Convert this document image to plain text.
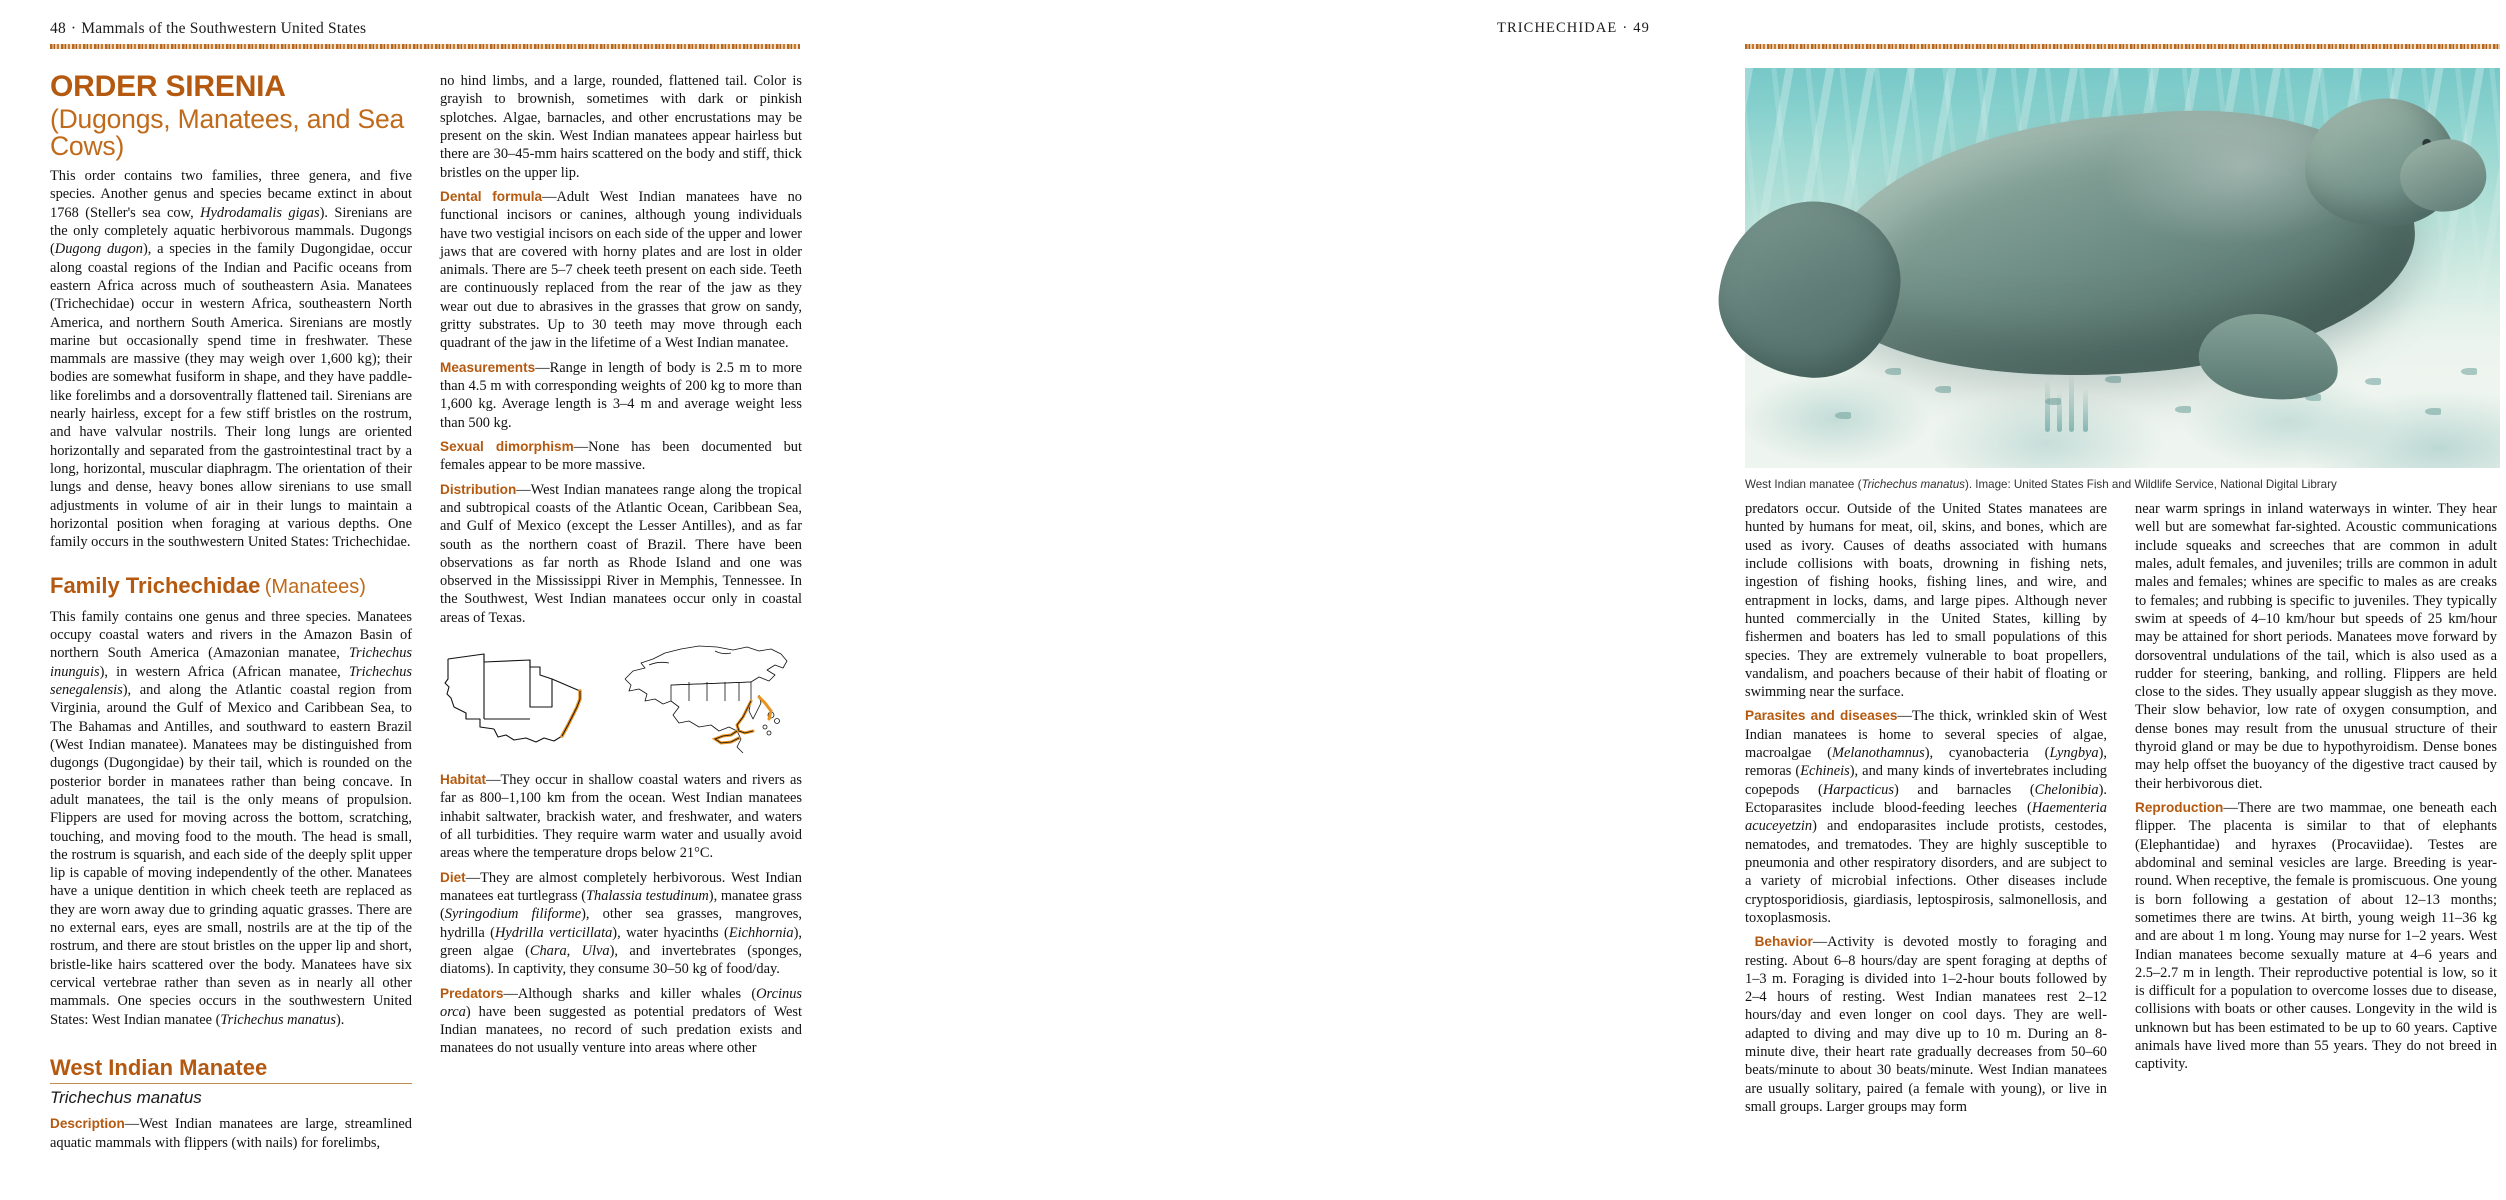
48 · Mammals of the Southwestern United States
ORDER SIRENIA
(Dugongs, Manatees, and Sea Cows)

This order contains two families, three genera, and five species. Another genus and species became extinct in about 1768 (Steller's sea cow, Hydrodamalis gigas). Sirenians are the only completely aquatic herbivorous mammals. Dugongs (Dugong dugon), a species in the family Dugongidae, occur along coastal regions of the Indian and Pacific oceans from eastern Africa across much of southeastern Asia. Manatees (Trichechidae) occur in western Africa, southeastern North America, and northern South America. Sirenians are mostly marine but occasionally spend time in freshwater. These mammals are massive (they may weigh over 1,600 kg); their bodies are somewhat fusiform in shape, and they have paddle-like forelimbs and a dorsoventrally flattened tail. Sirenians are nearly hairless, except for a few stiff bristles on the rostrum, and have valvular nostrils. Their long lungs are oriented horizontally and separated from the gastrointestinal tract by a long, horizontal, muscular diaphragm. The orientation of their lungs and dense, heavy bones allow sirenians to use small adjustments in volume of air in their lungs to maintain a horizontal position when foraging at various depths. One family occurs in the southwestern United States: Trichechidae.

Family Trichechidae (Manatees)

This family contains one genus and three species. Manatees occupy coastal waters and rivers in the Amazon Basin of northern South America (Amazonian manatee, Trichechus inunguis), in western Africa (African manatee, Trichechus senegalensis), and along the Atlantic coastal region from Virginia, around the Gulf of Mexico and Caribbean Sea, to The Bahamas and Antilles, and southward to eastern Brazil (West Indian manatee). Manatees may be distinguished from dugongs (Dugongidae) by their tail, which is rounded on the posterior border in manatees rather than being concave. In adult manatees, the tail is the only means of propulsion. Flippers are used for moving across the bottom, scratching, touching, and moving food to the mouth. The head is small, the rostrum is squarish, and each side of the deeply split upper lip is capable of moving independently of the other. Manatees have a unique dentition in which cheek teeth are replaced as they are worn away due to grinding aquatic grasses. There are no external ears, eyes are small, nostrils are at the tip of the rostrum, and there are stout bristles on the upper lip and short, bristle-like hairs scattered over the body. Manatees have six cervical vertebrae rather than seven as in nearly all other mammals. One species occurs in the southwestern United States: West Indian manatee (Trichechus manatus).

West Indian Manatee
Trichechus manatus

Description—West Indian manatees are large, streamlined aquatic mammals with flippers (with nails) for forelimbs,

no hind limbs, and a large, rounded, flattened tail. Color is grayish to brownish, sometimes with dark or pinkish splotches. Algae, barnacles, and other encrustations may be present on the skin. West Indian manatees appear hairless but there are 30–45-mm hairs scattered on the body and stiff, thick bristles on the upper lip.

Dental formula—Adult West Indian manatees have no functional incisors or canines, although young individuals have two vestigial incisors on each side of the upper and lower jaws that are covered with horny plates and are lost in older animals. There are 5–7 cheek teeth present on each side. Teeth are continuously replaced from the rear of the jaw as they wear out due to abrasives in the grasses that grow on sandy, gritty substrates. Up to 30 teeth may move through each quadrant of the jaw in the lifetime of a West Indian manatee.

Measurements—Range in length of body is 2.5 m to more than 4.5 m with corresponding weights of 200 kg to more than 1,600 kg. Average length is 3–4 m and average weight less than 500 kg.

Sexual dimorphism—None has been documented but females appear to be more massive.

Distribution—West Indian manatees range along the tropical and subtropical coasts of the Atlantic Ocean, Caribbean Sea, and Gulf of Mexico (except the Lesser Antilles), and as far south as the northern coast of Brazil. There have been observations as far north as Rhode Island and one was observed in the Mississippi River in Memphis, Tennessee. In the Southwest, West Indian manatees occur only in coastal areas of Texas.

Habitat—They occur in shallow coastal waters and rivers as far as 800–1,100 km from the ocean. West Indian manatees inhabit saltwater, brackish water, and freshwater, and waters of all turbidities. They require warm water and usually avoid areas where the temperature drops below 21°C.

Diet—They are almost completely herbivorous. West Indian manatees eat turtlegrass (Thalassia testudinum), manatee grass (Syringodium filiforme), other sea grasses, mangroves, hydrilla (Hydrilla verticillata), water hyacinths (Eichhornia), green algae (Chara, Ulva), and invertebrates (sponges, diatoms). In captivity, they consume 30–50 kg of food/day.

Predators—Although sharks and killer whales (Orcinus orca) have been suggested as potential predators of West Indian manatees, no record of such predation exists and manatees do not usually venture into areas where other

TRICHECHIDAE · 49
West Indian manatee (Trichechus manatus). Image: United States Fish and Wildlife Service, National Digital Library

predators occur. Outside of the United States manatees are hunted by humans for meat, oil, skins, and bones, which are used as ivory. Causes of deaths associated with humans include collisions with boats, drowning in fishing nets, ingestion of fishing hooks, fishing lines, and wire, and entrapment in locks, dams, and large pipes. Although never hunted commercially in the United States, killing by fishermen and boaters has led to small populations of this species. They are extremely vulnerable to boat propellers, vandalism, and poachers because of their habit of floating or swimming near the surface.

Parasites and diseases—The thick, wrinkled skin of West Indian manatees is home to several species of algae, macroalgae (Melanothamnus), cyanobacteria (Lyngbya), remoras (Echineis), and many kinds of invertebrates including copepods (Harpacticus) and barnacles (Chelonibia). Ectoparasites include blood-feeding leeches (Haementeria acuceyetzin) and endoparasites include protists, cestodes, nematodes, and trematodes. They are highly susceptible to pneumonia and other respiratory disorders, and are subject to a variety of microbial infections. Other diseases include cryptosporidiosis, giardiasis, leptospirosis, salmonellosis, and toxoplasmosis.

Behavior—Activity is devoted mostly to foraging and resting. About 6–8 hours/day are spent foraging at depths of 1–3 m. Foraging is divided into 1–2-hour bouts followed by 2–4 hours of resting. West Indian manatees rest 2–12 hours/day and even longer on cool days. They are well-adapted to diving and may dive up to 10 m. During an 8-minute dive, their heart rate gradually decreases from 50–60 beats/minute to about 30 beats/minute. West Indian manatees are usually solitary, paired (a female with young), or live in small groups. Larger groups may form

near warm springs in inland waterways in winter. They hear well but are somewhat far-sighted. Acoustic communications include squeaks and screeches that are common in adult males, adult females, and juveniles; trills are common in adult males and females; whines are specific to males as are creaks to females; and rubbing is specific to juveniles. They typically swim at speeds of 4–10 km/hour but speeds of 25 km/hour may be attained for short periods. Manatees move forward by dorsoventral undulations of the tail, which is also used as a rudder for steering, banking, and rolling. Flippers are held close to the sides. They usually appear sluggish as they move. Their slow behavior, low rate of oxygen consumption, and dense bones may result from the unusual structure of their thyroid gland or may be due to hypothyroidism. Dense bones may help offset the buoyancy of the digestive tract caused by their herbivorous diet.

Reproduction—There are two mammae, one beneath each flipper. The placenta is similar to that of elephants (Elephantidae) and hyraxes (Procaviidae). Testes are abdominal and seminal vesicles are large. Breeding is year-round. When receptive, the female is promiscuous. One young is born following a gestation of about 12–13 months; sometimes there are twins. At birth, young weigh 11–36 kg and are about 1 m long. Young may nurse for 1–2 years. West Indian manatees become sexually mature at 4–6 years and 2.5–2.7 m in length. Their reproductive potential is low, so it is difficult for a population to overcome losses due to disease, collisions with boats or other causes. Longevity in the wild is unknown but has been estimated to be up to 60 years. Captive animals have lived more than 55 years. They do not breed in captivity.
